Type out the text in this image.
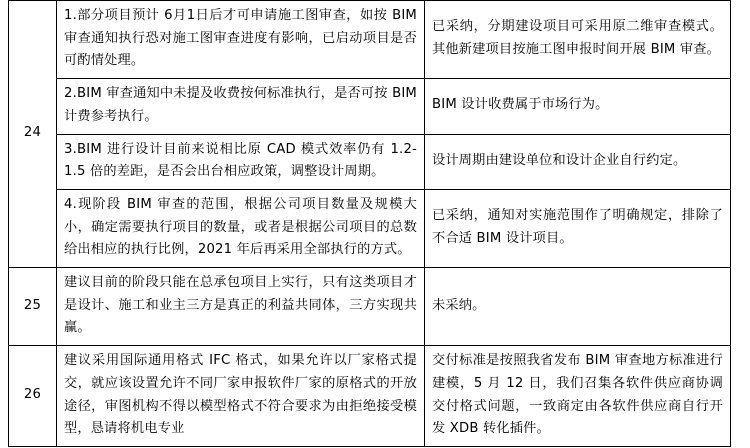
24	1.部分项目预计 6月1日后才可申请施工图审查，如按 BIM 审查通知执行恐对施工图审查进度有影响，已启动项目是否可酌情处理。	已采纳，分期建设项目可采用原二维审查模式。其他新建项目按施工图申报时间开展 BIM 审查。
	2.BIM 审查通知中未提及收费按何标准执行，是否可按 BIM 计费参考执行。	BIM 设计收费属于市场行为。
	3.BIM 进行设计目前来说相比原 CAD 模式效率仍有 1.2-1.5 倍的差距，是否会出台相应政策，调整设计周期。	设计周期由建设单位和设计企业自行约定。
	4.现阶段 BIM 审查的范围，根据公司项目数量及规模大小，确定需要执行项目的数量，或者是根据公司项目的总数给出相应的执行比例，2021 年后再采用全部执行的方式。	已采纳，通知对实施范围作了明确规定，排除了不合适 BIM 设计项目。
25	建议目前的阶段只能在总承包项目上实行，只有这类项目才是设计、施工和业主三方是真正的利益共同体，三方实现共赢。	未采纳。
26	建议采用国际通用格式 IFC 格式，如果允许以厂家格式提交，就应该设置允许不同厂家申报软件厂家的原格式的开放途径，审图机构不得以模型格式不符合要求为由拒绝接受模型，恳请将机电专业	交付标准是按照我省发布 BIM 审查地方标准进行建模，5 月 12 日，我们召集各软件供应商协调交付格式问题，一致商定由各软件供应商自行开发 XDB 转化插件。
